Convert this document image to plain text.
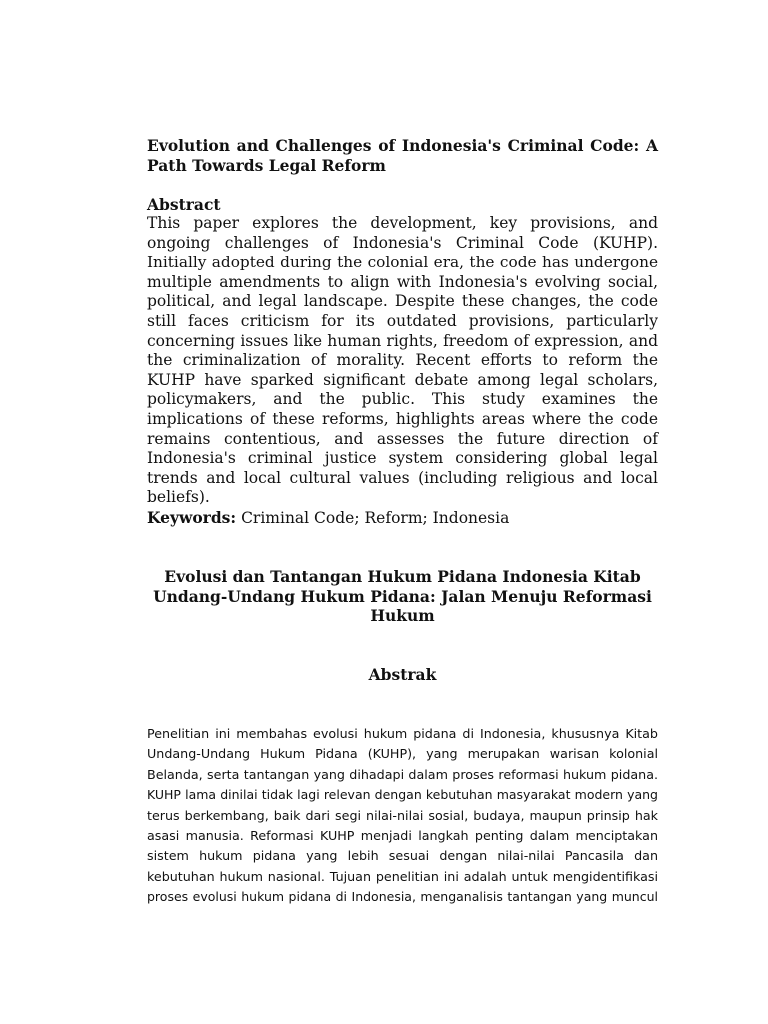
Evolution and Challenges of Indonesia's Criminal Code: A
Path Towards Legal Reform
Abstract
This paper explores the development, key provisions, and
ongoing challenges of Indonesia's Criminal Code (KUHP).
Initially adopted during the colonial era, the code has undergone
multiple amendments to align with Indonesia's evolving social,
political, and legal landscape. Despite these changes, the code
still faces criticism for its outdated provisions, particularly
concerning issues like human rights, freedom of expression, and
the criminalization of morality. Recent efforts to reform the
KUHP have sparked significant debate among legal scholars,
policymakers, and the public. This study examines the
implications of these reforms, highlights areas where the code
remains contentious, and assesses the future direction of
Indonesia's criminal justice system considering global legal
trends and local cultural values (including religious and local
beliefs).
Keywords: Criminal Code; Reform; Indonesia
Evolusi dan Tantangan Hukum Pidana Indonesia Kitab
Undang-Undang Hukum Pidana: Jalan Menuju Reformasi
Hukum
Abstrak
Penelitian ini membahas evolusi hukum pidana di Indonesia, khususnya Kitab
Undang-Undang Hukum Pidana (KUHP), yang merupakan warisan kolonial
Belanda, serta tantangan yang dihadapi dalam proses reformasi hukum pidana.
KUHP lama dinilai tidak lagi relevan dengan kebutuhan masyarakat modern yang
terus berkembang, baik dari segi nilai-nilai sosial, budaya, maupun prinsip hak
asasi manusia. Reformasi KUHP menjadi langkah penting dalam menciptakan
sistem hukum pidana yang lebih sesuai dengan nilai-nilai Pancasila dan
kebutuhan hukum nasional. Tujuan penelitian ini adalah untuk mengidentifikasi
proses evolusi hukum pidana di Indonesia, menganalisis tantangan yang muncul
